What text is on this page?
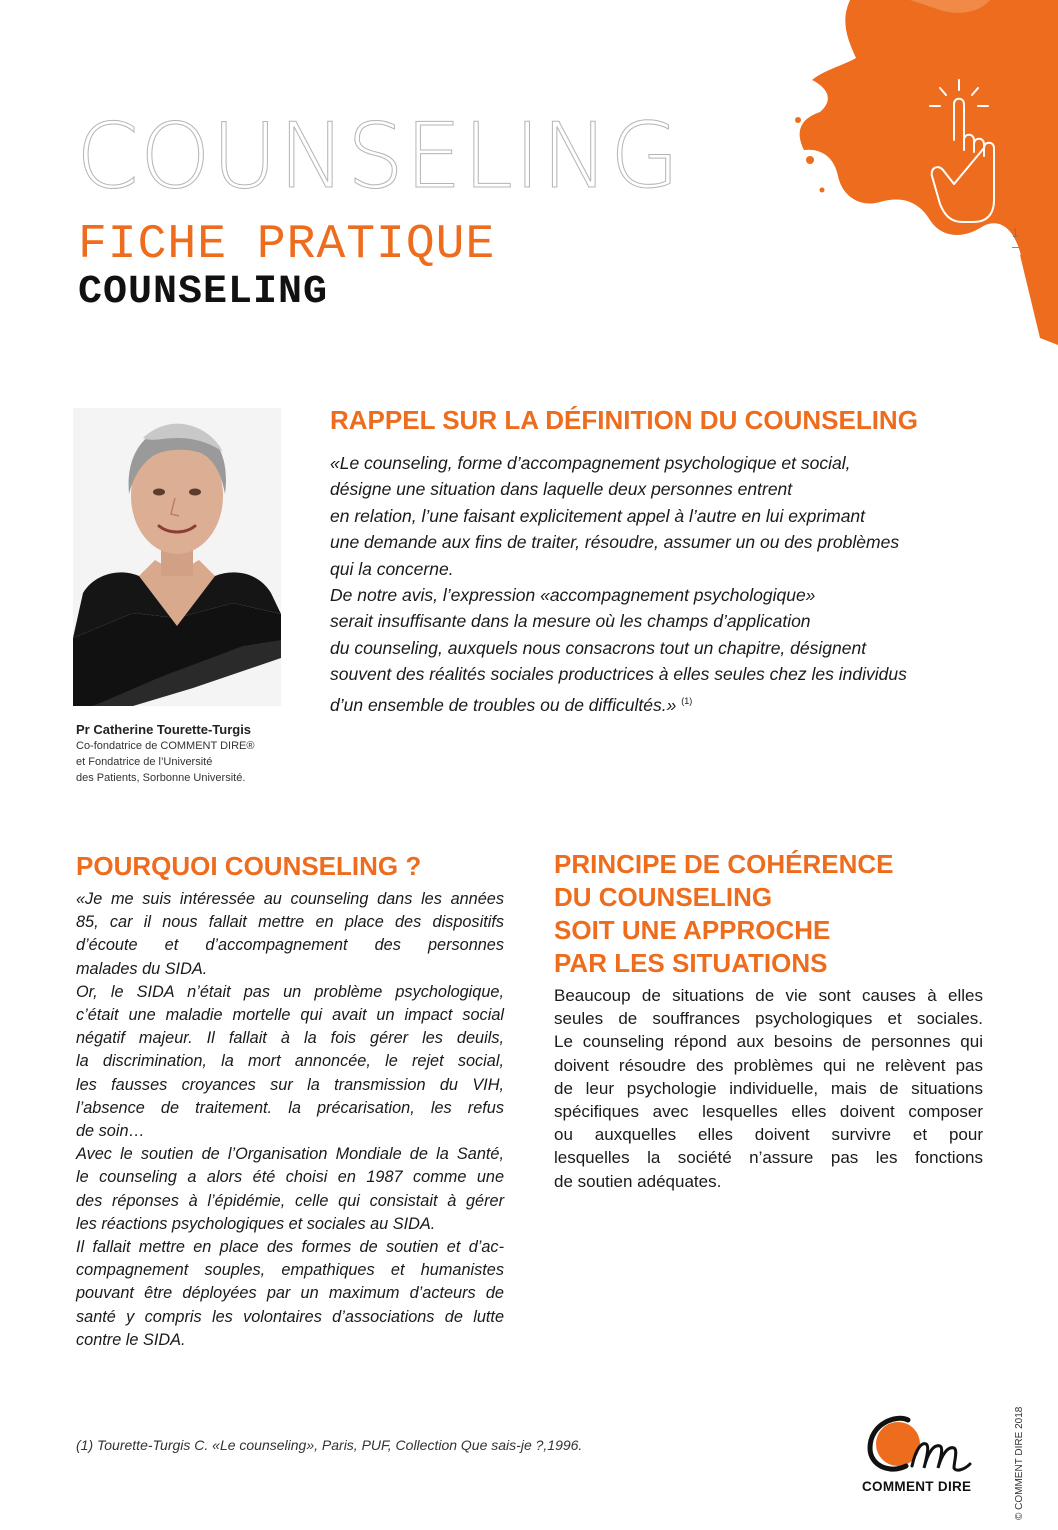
COUNSELING
FICHE PRATIQUE
COUNSELING
1
Pr Catherine Tourette-Turgis
Co-fondatrice de COMMENT DIRE®
et Fondatrice de l’Université
des Patients, Sorbonne Université.
RAPPEL SUR LA DÉFINITION DU COUNSELING

«Le counseling, forme d’accompagnement psychologique et social,

désigne une situation dans laquelle deux personnes entrent

en relation, l’une faisant explicitement appel à l’autre en lui exprimant

une demande aux fins de traiter, résoudre, assumer un ou des problèmes

qui la concerne.

De notre avis, l’expression «accompagnement psychologique»

serait insuffisante dans la mesure où les champs d’application

du counseling, auxquels nous consacrons tout un chapitre, désignent

souvent des réalités sociales productrices à elles seules chez les individus

d’un ensemble de troubles ou de difficultés.» $^{(1)}$

POURQUOI COUNSELING ?

«Je me suis intéressée au counseling dans les années

85, car il nous fallait mettre en place des dispositifs

d’écoute et d’accompagnement des personnes

malades du SIDA.

Or, le SIDA n’était pas un problème psychologique,

c’était une maladie mortelle qui avait un impact social

négatif majeur. Il fallait à la fois gérer les deuils,

la discrimination, la mort annoncée, le rejet social,

les fausses croyances sur la transmission du VIH,

l’absence de traitement. la précarisation, les refus

de soin…

Avec le soutien de l’Organisation Mondiale de la Santé,

le counseling a alors été choisi en 1987 comme une

des réponses à l’épidémie, celle qui consistait à gérer

les réactions psychologiques et sociales au SIDA.

Il fallait mettre en place des formes de soutien et d’ac-

compagnement souples, empathiques et humanistes

pouvant être déployées par un maximum d’acteurs de

santé y compris les volontaires d’associations de lutte

contre le SIDA.

PRINCIPE DE COHÉRENCE
DU COUNSELING
SOIT UNE APPROCHE
PAR LES SITUATIONS

Beaucoup de situations de vie sont causes à elles

seules de souffrances psychologiques et sociales.

Le counseling répond aux besoins de personnes qui

doivent résoudre des problèmes qui ne relèvent pas

de leur psychologie individuelle, mais de situations

spécifiques avec lesquelles elles doivent composer

ou auxquelles elles doivent survivre et pour

lesquelles la société n’assure pas les fonctions

de soutien adéquates.

(1) Tourette-Turgis C. «Le counseling», Paris, PUF, Collection Que sais-je ?,1996.	© COMMENT DIRE 2018
COMMENT DIRE
